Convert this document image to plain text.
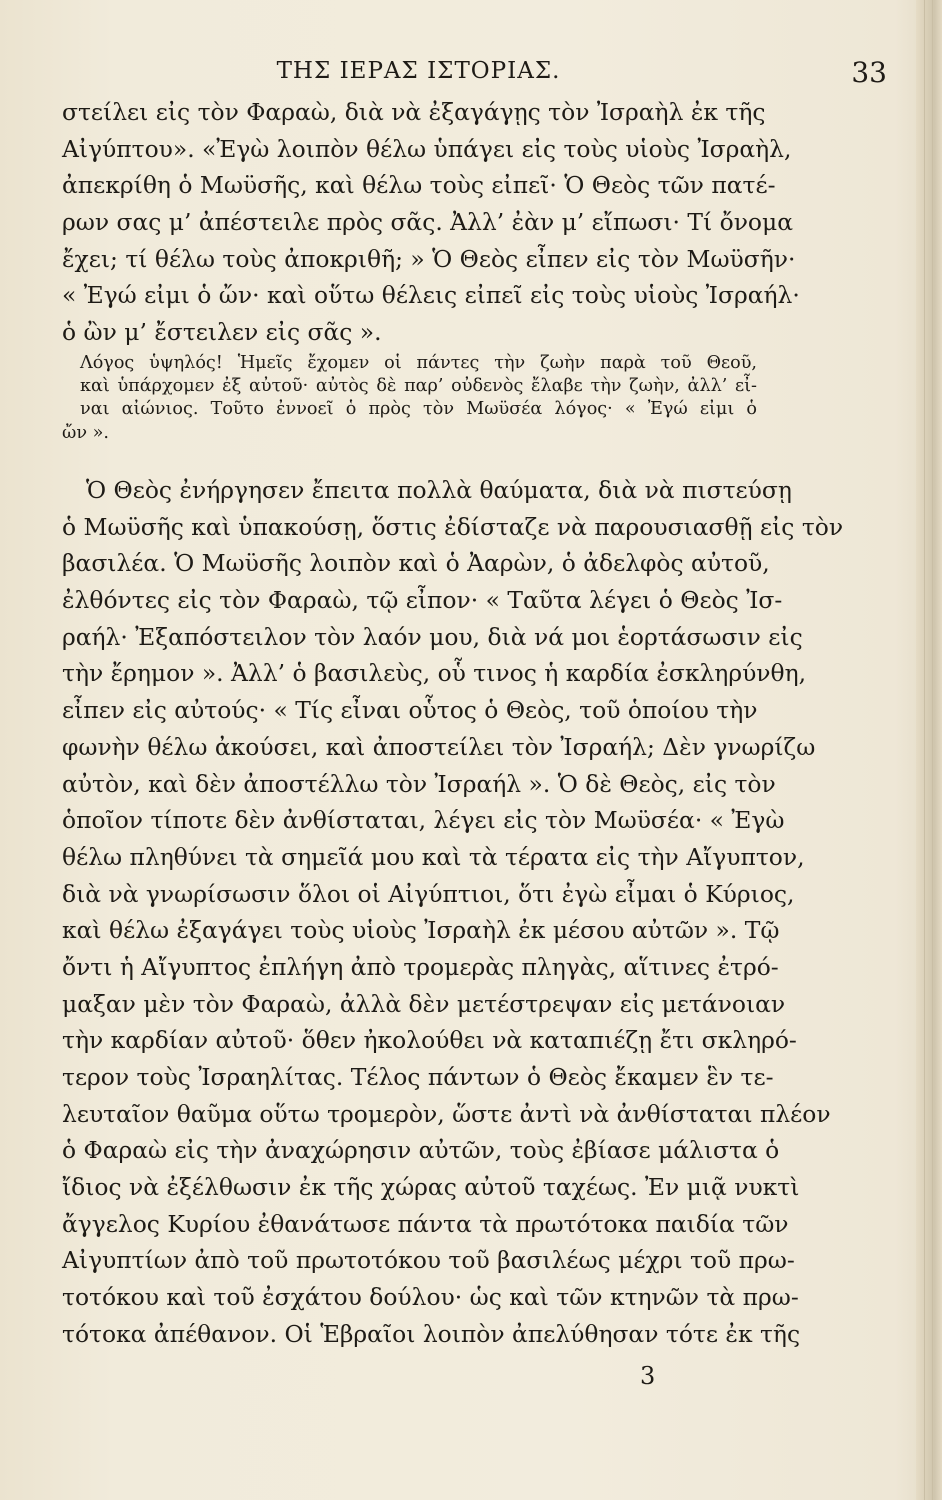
ΤΗΣ ΙΕΡΑΣ ΙΣΤΟΡΙΑΣ.	33
στείλει εἰς τὸν Φαραὼ, διὰ νὰ ἐξαγάγῃς τὸν Ἰσραὴλ ἐκ τῆς
Αἰγύπτου». «Ἐγὼ λοιπὸν θέλω ὑπάγει εἰς τοὺς υἱοὺς Ἰσραὴλ,
ἀπεκρίθη ὁ Μωϋσῆς, καὶ θέλω τοὺς εἰπεῖ· Ὁ Θεὸς τῶν πατέ-
ρων σας μ’ ἀπέστειλε πρὸς σᾶς. Ἀλλ’ ἐὰν μ’ εἴπωσι· Τί ὄνομα
ἔχει; τί θέλω τοὺς ἀποκριθῆ; » Ὁ Θεὸς εἶπεν εἰς τὸν Μωϋσῆν·
« Ἐγώ εἰμι ὁ ὤν· καὶ οὕτω θέλεις εἰπεῖ εἰς τοὺς υἱοὺς Ἰσραήλ·
ὁ ὢν μ’ ἔστειλεν εἰς σᾶς ».
Λόγος ὑψηλός! Ἡμεῖς ἔχομεν οἱ πάντες τὴν ζωὴν παρὰ τοῦ Θεοῦ,
καὶ ὑπάρχομεν ἐξ αὐτοῦ· αὐτὸς δὲ παρ’ οὐδενὸς ἔλαβε τὴν ζωὴν, ἀλλ’ εἶ-
ναι αἰώνιος. Τοῦτο ἐννοεῖ ὁ πρὸς τὸν Μωϋσέα λόγος· « Ἐγώ εἰμι ὁ
ὤν ».
Ὁ Θεὸς ἐνήργησεν ἔπειτα πολλὰ θαύματα, διὰ νὰ πιστεύσῃ
ὁ Μωϋσῆς καὶ ὑπακούσῃ, ὅστις ἐδίσταζε νὰ παρουσιασθῇ εἰς τὸν
βασιλέα. Ὁ Μωϋσῆς λοιπὸν καὶ ὁ Ἀαρὼν, ὁ ἀδελφὸς αὐτοῦ,
ἐλθόντες εἰς τὸν Φαραὼ, τῷ εἶπον· « Ταῦτα λέγει ὁ Θεὸς Ἰσ-
ραήλ· Ἐξαπόστειλον τὸν λαόν μου, διὰ νά μοι ἑορτάσωσιν εἰς
τὴν ἔρημον ». Ἀλλ’ ὁ βασιλεὺς, οὗ τινος ἡ καρδία ἐσκληρύνθη,
εἶπεν εἰς αὐτούς· « Τίς εἶναι οὗτος ὁ Θεὸς, τοῦ ὁποίου τὴν
φωνὴν θέλω ἀκούσει, καὶ ἀποστείλει τὸν Ἰσραήλ; Δὲν γνωρίζω
αὐτὸν, καὶ δὲν ἀποστέλλω τὸν Ἰσραήλ ». Ὁ δὲ Θεὸς, εἰς τὸν
ὁποῖον τίποτε δὲν ἀνθίσταται, λέγει εἰς τὸν Μωϋσέα· « Ἐγὼ
θέλω πληθύνει τὰ σημεῖά μου καὶ τὰ τέρατα εἰς τὴν Αἴγυπτον,
διὰ νὰ γνωρίσωσιν ὅλοι οἱ Αἰγύπτιοι, ὅτι ἐγὼ εἶμαι ὁ Κύριος,
καὶ θέλω ἐξαγάγει τοὺς υἱοὺς Ἰσραὴλ ἐκ μέσου αὐτῶν ». Τῷ
ὄντι ἡ Αἴγυπτος ἐπλήγη ἀπὸ τρομερὰς πληγὰς, αἵτινες ἐτρό-
μαξαν μὲν τὸν Φαραὼ, ἀλλὰ δὲν μετέστρεψαν εἰς μετάνοιαν
τὴν καρδίαν αὐτοῦ· ὅθεν ἠκολούθει νὰ καταπιέζῃ ἔτι σκληρό-
τερον τοὺς Ἰσραηλίτας. Τέλος πάντων ὁ Θεὸς ἔκαμεν ἓν τε-
λευταῖον θαῦμα οὕτω τρομερὸν, ὥστε ἀντὶ νὰ ἀνθίσταται πλέον
ὁ Φαραὼ εἰς τὴν ἀναχώρησιν αὐτῶν, τοὺς ἐβίασε μάλιστα ὁ
ἴδιος νὰ ἐξέλθωσιν ἐκ τῆς χώρας αὐτοῦ ταχέως. Ἐν μιᾷ νυκτὶ
ἄγγελος Κυρίου ἐθανάτωσε πάντα τὰ πρωτότοκα παιδία τῶν
Αἰγυπτίων ἀπὸ τοῦ πρωτοτόκου τοῦ βασιλέως μέχρι τοῦ πρω-
τοτόκου καὶ τοῦ ἐσχάτου δούλου· ὡς καὶ τῶν κτηνῶν τὰ πρω-
τότοκα ἀπέθανον. Οἱ Ἑβραῖοι λοιπὸν ἀπελύθησαν τότε ἐκ τῆς
3
